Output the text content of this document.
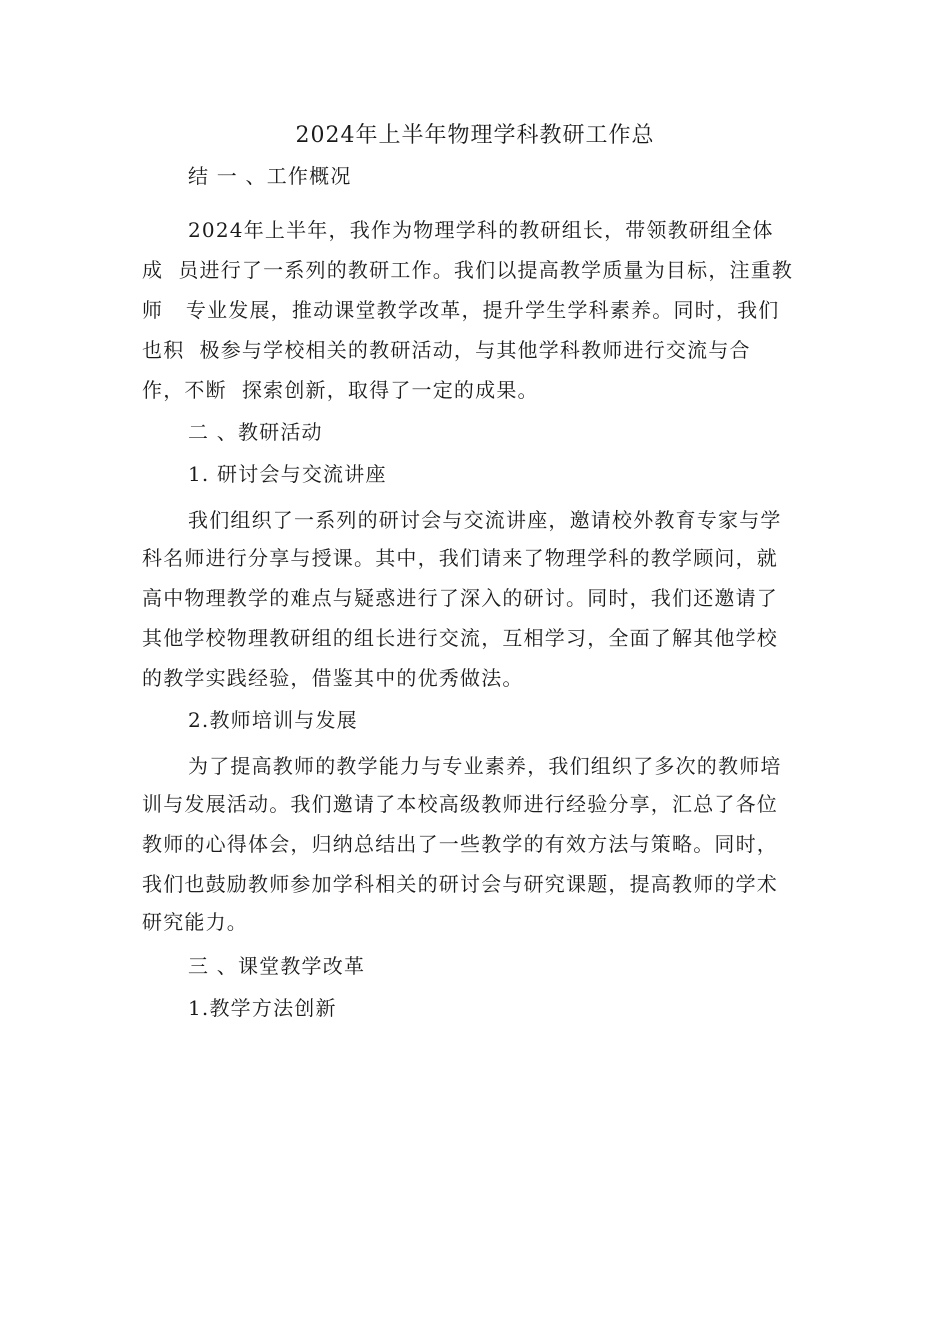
2024年上半年物理学科教研工作总
结 一 、工作概况
2024年上半年，我作为物理学科的教研组长，带领教研组全体
成  员进行了一系列的教研工作。我们以提高教学质量为目标，注重教
师   专业发展，推动课堂教学改革，提升学生学科素养。同时，我们
也积  极参与学校相关的教研活动，与其他学科教师进行交流与合
作，不断  探索创新，取得了一定的成果。
二 、教研活动
1. 研讨会与交流讲座
我们组织了一系列的研讨会与交流讲座，邀请校外教育专家与学
科名师进行分享与授课。其中，我们请来了物理学科的教学顾问，就
高中物理教学的难点与疑惑进行了深入的研讨。同时，我们还邀请了
其他学校物理教研组的组长进行交流，互相学习，全面了解其他学校
的教学实践经验，借鉴其中的优秀做法。
2.教师培训与发展
为了提高教师的教学能力与专业素养，我们组织了多次的教师培
训与发展活动。我们邀请了本校高级教师进行经验分享，汇总了各位
教师的心得体会，归纳总结出了一些教学的有效方法与策略。同时，
我们也鼓励教师参加学科相关的研讨会与研究课题，提高教师的学术
研究能力。
三 、课堂教学改革
1.教学方法创新
